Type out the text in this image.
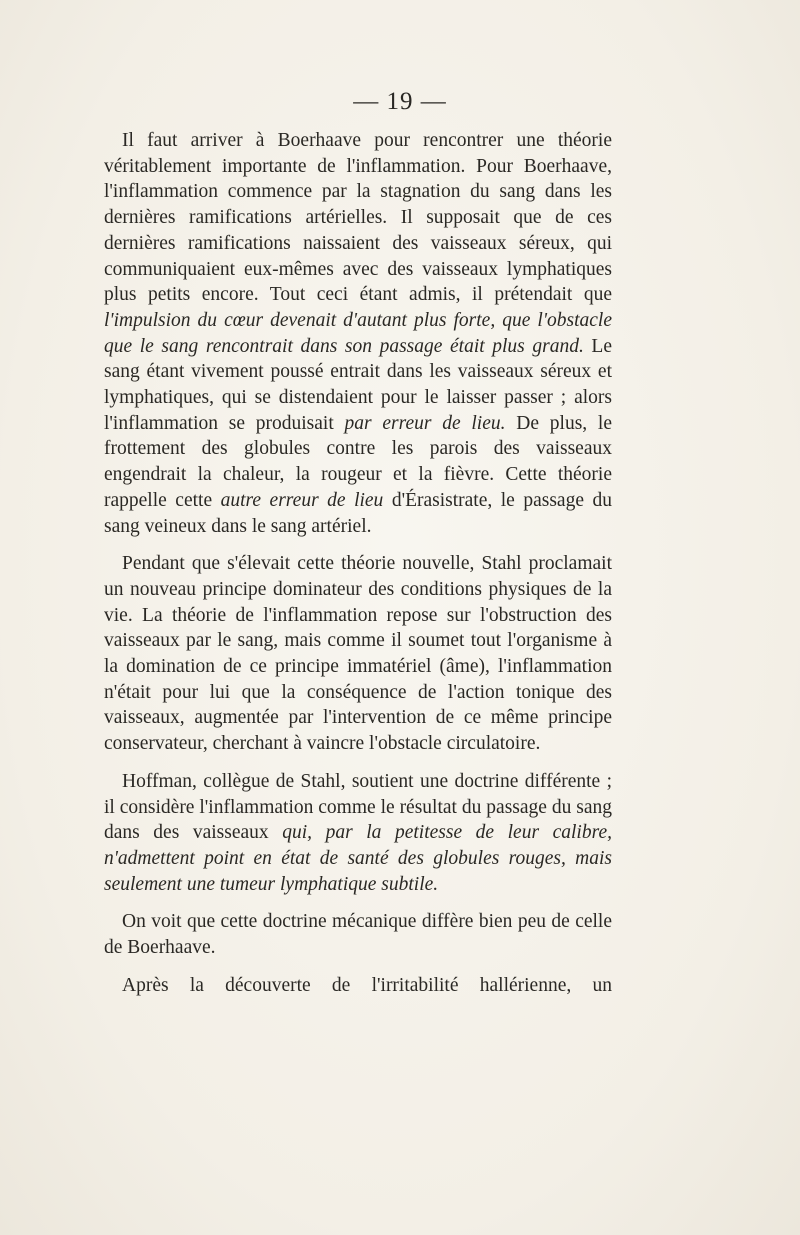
— 19 —

Il faut arriver à Boerhaave pour rencontrer une théorie véritablement importante de l'inflammation. Pour Boerhaave, l'inflammation commence par la stagnation du sang dans les dernières ramifications artérielles. Il supposait que de ces dernières ramifications naissaient des vaisseaux séreux, qui communiquaient eux-mêmes avec des vaisseaux lymphatiques plus petits encore. Tout ceci étant admis, il prétendait que l'impulsion du cœur devenait d'autant plus forte, que l'obstacle que le sang rencontrait dans son passage était plus grand. Le sang étant vivement poussé entrait dans les vaisseaux séreux et lymphatiques, qui se distendaient pour le laisser passer ; alors l'inflammation se produisait par erreur de lieu. De plus, le frottement des globules contre les parois des vaisseaux engendrait la chaleur, la rougeur et la fièvre. Cette théorie rappelle cette autre erreur de lieu d'Érasistrate, le passage du sang veineux dans le sang artériel.

Pendant que s'élevait cette théorie nouvelle, Stahl proclamait un nouveau principe dominateur des conditions physiques de la vie. La théorie de l'inflammation repose sur l'obstruction des vaisseaux par le sang, mais comme il soumet tout l'organisme à la domination de ce principe immatériel (âme), l'inflammation n'était pour lui que la conséquence de l'action tonique des vaisseaux, augmentée par l'intervention de ce même principe conservateur, cherchant à vaincre l'obstacle circulatoire.

Hoffman, collègue de Stahl, soutient une doctrine différente ; il considère l'inflammation comme le résultat du passage du sang dans des vaisseaux qui, par la petitesse de leur calibre, n'admettent point en état de santé des globules rouges, mais seulement une tumeur lymphatique subtile.

On voit que cette doctrine mécanique diffère bien peu de celle de Boerhaave.

Après la découverte de l'irritabilité hallérienne, un
